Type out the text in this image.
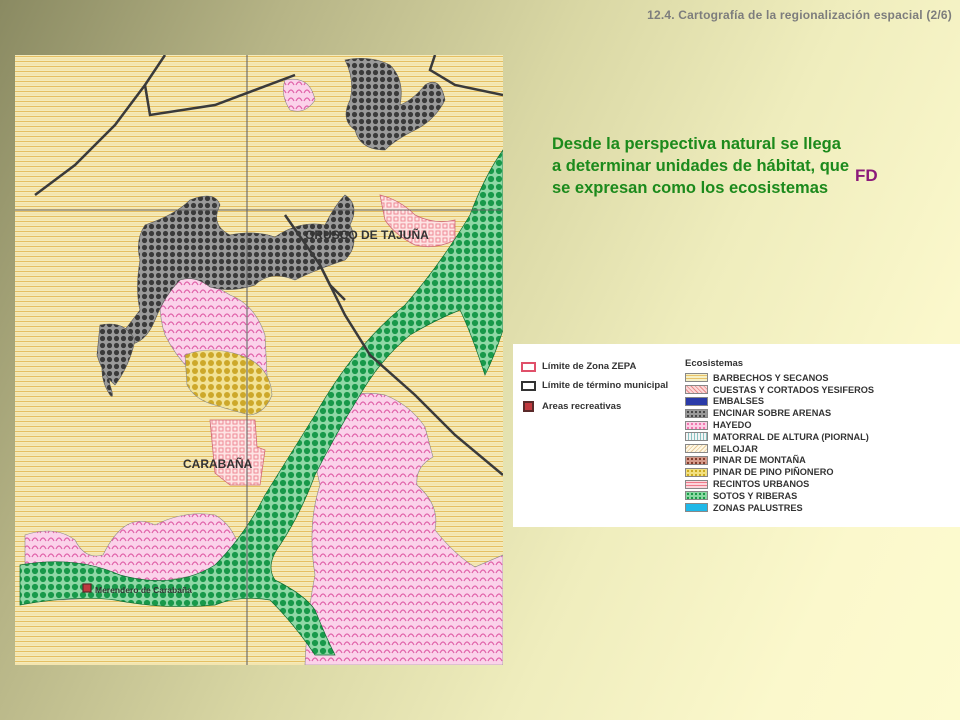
12.4. Cartografía de la regionalización espacial (2/6)
ORUSCO DE TAJUÑA
CARABAÑA
Merendero de Carabaña
Desde la perspectiva natural se llega a determinar unidades de hábitat, que se expresan como los ecosistemas
FD
Límite de Zona ZEPA
Límite de término municipal
Areas recreativas
Ecosistemas
BARBECHOS Y SECANOS
CUESTAS Y CORTADOS YESIFEROS
EMBALSES
ENCINAR SOBRE ARENAS
HAYEDO
MATORRAL DE ALTURA (PIORNAL)
MELOJAR
PINAR DE MONTAÑA
PINAR DE PINO PIÑONERO
RECINTOS URBANOS
SOTOS Y RIBERAS
ZONAS PALUSTRES
